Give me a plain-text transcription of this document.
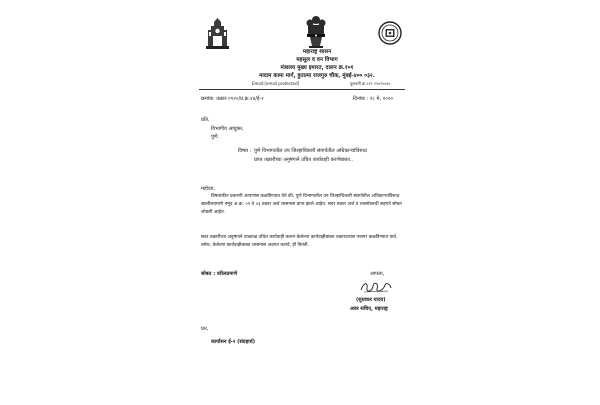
महाराष्ट्र शासन
महसूल व वन विभाग
मंत्रालय मुख्य इमारत, दालन क्र.१०१
मादाम कामा मार्ग, हुतात्मा राजगुरु चौक, मुंबई-४०० ०३२.
Email:[email protected]	दूरध्वनी क्र.०२२ २२०२५०६५
क्रमांक: तक्रार-०९२०/प्र.क्र.२४/ई-२	दिनांक : २८ मे, २०२०
प्रति,
विभागीय आयुक्त,
पुणे.
विषय : पुणे विभागातील उप जिल्हाधिकारी संवर्गातील अधिकाऱ्यांविरुध्द
प्राप्त तक्रारींच्या अनुषंगाने उचित कार्यवाही करणेबाबत..
महोदय,
विषयांकीत प्रकरणी आपणांस कळविण्यात येते की, पुणे विभागातील उप जिल्हाधिकारी संवर्गातील अधिकाऱ्यांविरुध्द खालीलप्रमाणे नमूद अ.क्र. ०१ ते ०३ तक्रार अर्ज शासनास प्राप्त झाले आहेत. सदर तक्रार अर्ज व त्यासोबतची सहपत्रे सोबत जोडली आहेत.
सदर तक्रारींच्या अनुषंगाने तात्काळ उचित कार्यवाही करून केलेल्या कार्यवाहीबाबत तक्रारदारास परस्पर कळविण्यात यावे. तसेच, केलेल्या कार्यवाहीबाबत शासनास अवगत करावे, ही विनंती.
सोबत : वरीलप्रमाणे	आपला,
(सुधाकर यादव)
अवर सचिव, महाराष्ट्र
प्रत,
कार्यासन ई-२ (संग्रहार्थ)
